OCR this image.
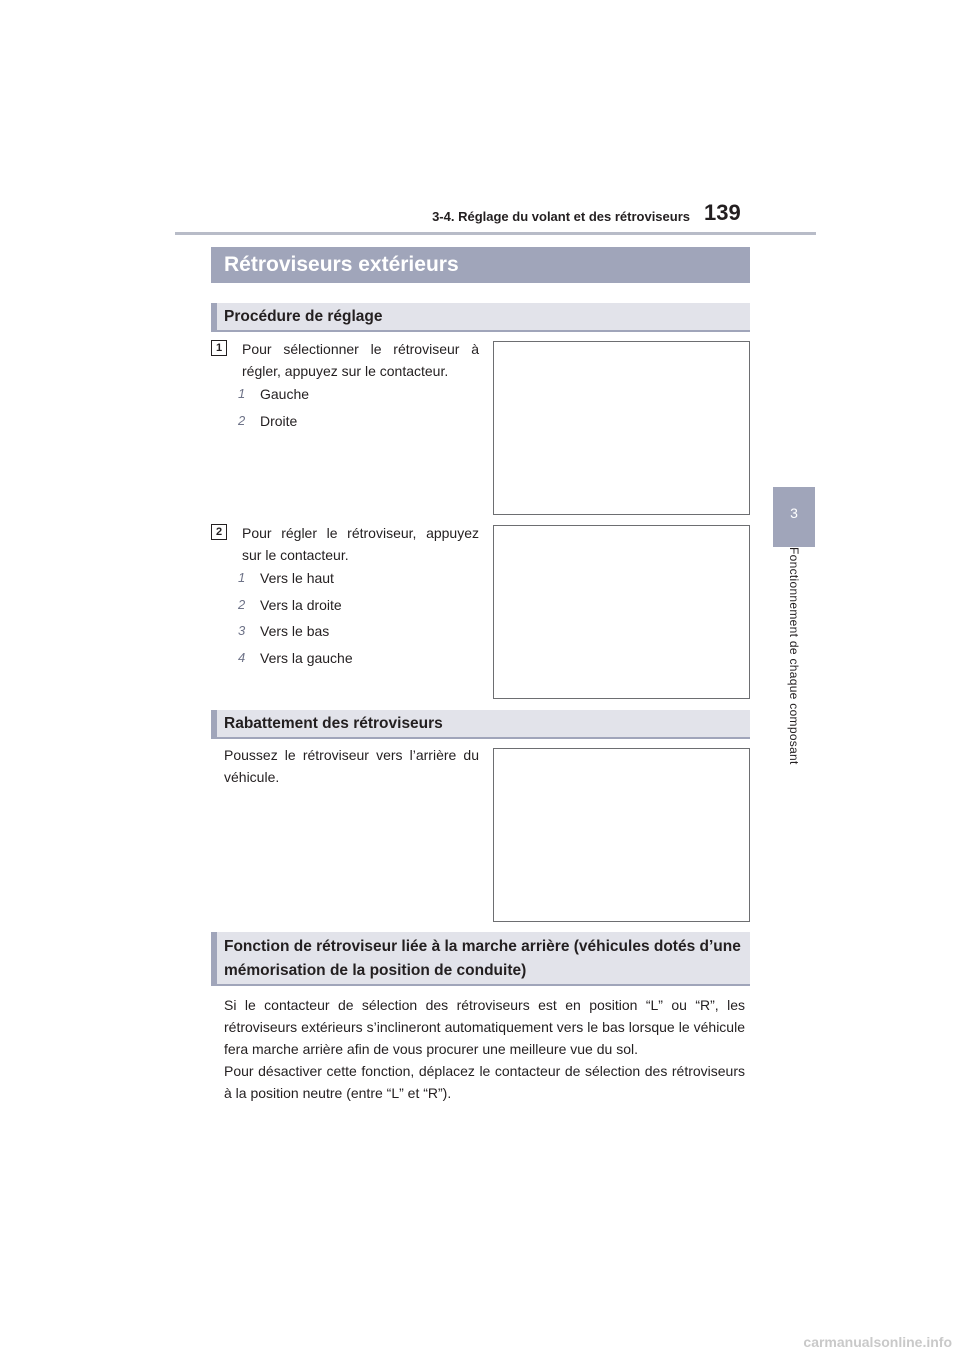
3-4. Réglage du volant et des rétroviseurs 139
3
Fonctionnement de chaque composant
Rétroviseurs extérieurs
Procédure de réglage
1	Pour sélectionner le rétroviseur à régler, appuyez sur le contacteur.
1 Gauche
2 Droite
2	Pour régler le rétroviseur, appuyez sur le contacteur.
1 Vers le haut
2 Vers la droite
3 Vers le bas
4 Vers la gauche
Rabattement des rétroviseurs
Poussez le rétroviseur vers l’arrière du véhicule.
Fonction de rétroviseur liée à la marche arrière (véhicules dotés d’une
mémorisation de la position de conduite)
Si le contacteur de sélection des rétroviseurs est en position “L” ou “R”, les rétroviseurs extérieurs s’inclineront automatiquement vers le bas lorsque le véhicule fera marche arrière afin de vous procurer une meilleure vue du sol.
Pour désactiver cette fonction, déplacez le contacteur de sélection des rétroviseurs à la position neutre (entre “L” et “R”).
carmanualsonline.info
